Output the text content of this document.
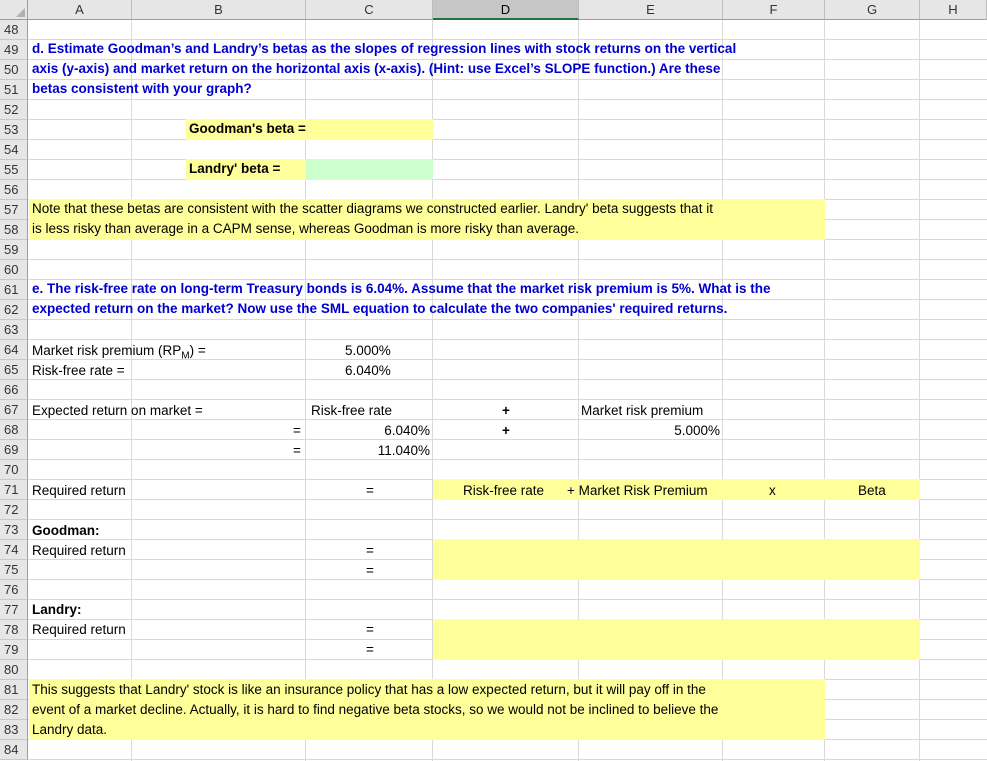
A	B	C	D	E	F	G	H
48
49
50
51
52
53
54
55
56
57
58
59
60
61
62
63
64
65
66
67
68
69
70
71
72
73
74
75
76
77
78
79
80
81
82
83
84
d. Estimate Goodman’s and Landry’s betas as the slopes of regression lines with stock returns on the vertical
axis (y-axis) and market return on the horizontal axis (x-axis). (Hint: use Excel’s SLOPE function.) Are these
betas consistent with your graph?
Goodman's beta =
Landry' beta =
Note that these betas are consistent with the scatter diagrams we constructed earlier. Landry' beta suggests that it
is less risky than average in a CAPM sense, whereas Goodman is more risky than average.
e. The risk-free rate on long-term Treasury bonds is 6.04%. Assume that the market risk premium is 5%. What is the
expected return on the market? Now use the SML equation to calculate the two companies' required returns.
Market risk premium $(RP_M)$ =	5.000%
Risk-free rate =	6.040%
Expected return on market =	Risk-free rate	+	Market risk premium
=	6.040%	+	5.000%
=	11.040%
Required return	=	Risk-free rate + Market Risk Premium	x	Beta
Goodman:
Required return	=
=
Landry:
Required return	=
=
This suggests that Landry' stock is like an insurance policy that has a low expected return, but it will pay off in the
event of a market decline. Actually, it is hard to find negative beta stocks, so we would not be inclined to believe the
Landry data.
